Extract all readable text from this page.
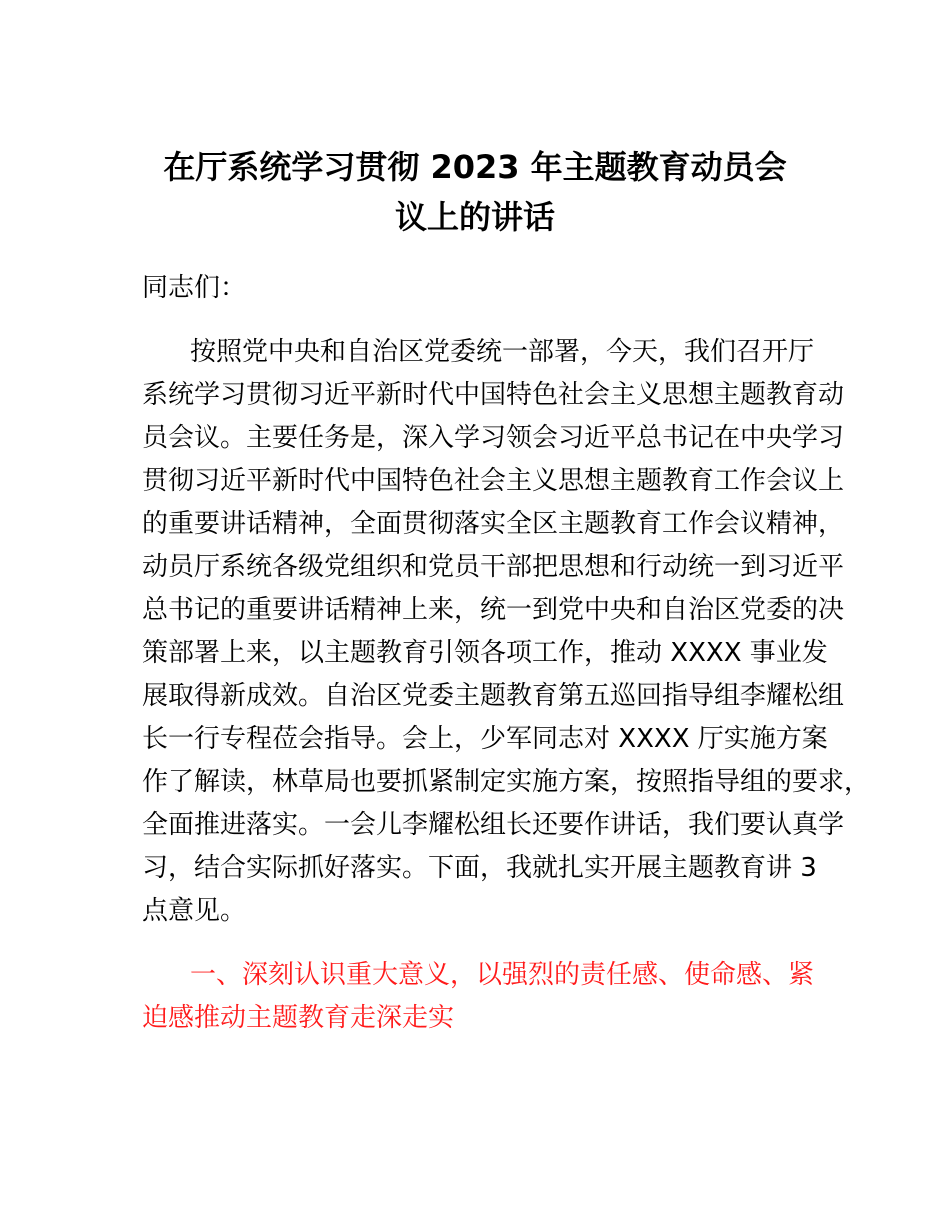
在厅系统学习贯彻 2023 年主题教育动员会
议上的讲话

同志们：

按照党中央和自治区党委统一部署，今天，我们召开厅

系统学习贯彻习近平新时代中国特色社会主义思想主题教育动

员会议。主要任务是，深入学习领会习近平总书记在中央学习

贯彻习近平新时代中国特色社会主义思想主题教育工作会议上

的重要讲话精神，全面贯彻落实全区主题教育工作会议精神，

动员厅系统各级党组织和党员干部把思想和行动统一到习近平

总书记的重要讲话精神上来，统一到党中央和自治区党委的决

策部署上来，以主题教育引领各项工作，推动 XXXX 事业发

展取得新成效。自治区党委主题教育第五巡回指导组李耀松组

长一行专程莅会指导。会上，少军同志对 XXXX 厅实施方案

作了解读，林草局也要抓紧制定实施方案，按照指导组的要求，

全面推进落实。一会儿李耀松组长还要作讲话，我们要认真学

习，结合实际抓好落实。下面，我就扎实开展主题教育讲 3

点意见。

一、深刻认识重大意义，以强烈的责任感、使命感、紧

迫感推动主题教育走深走实
